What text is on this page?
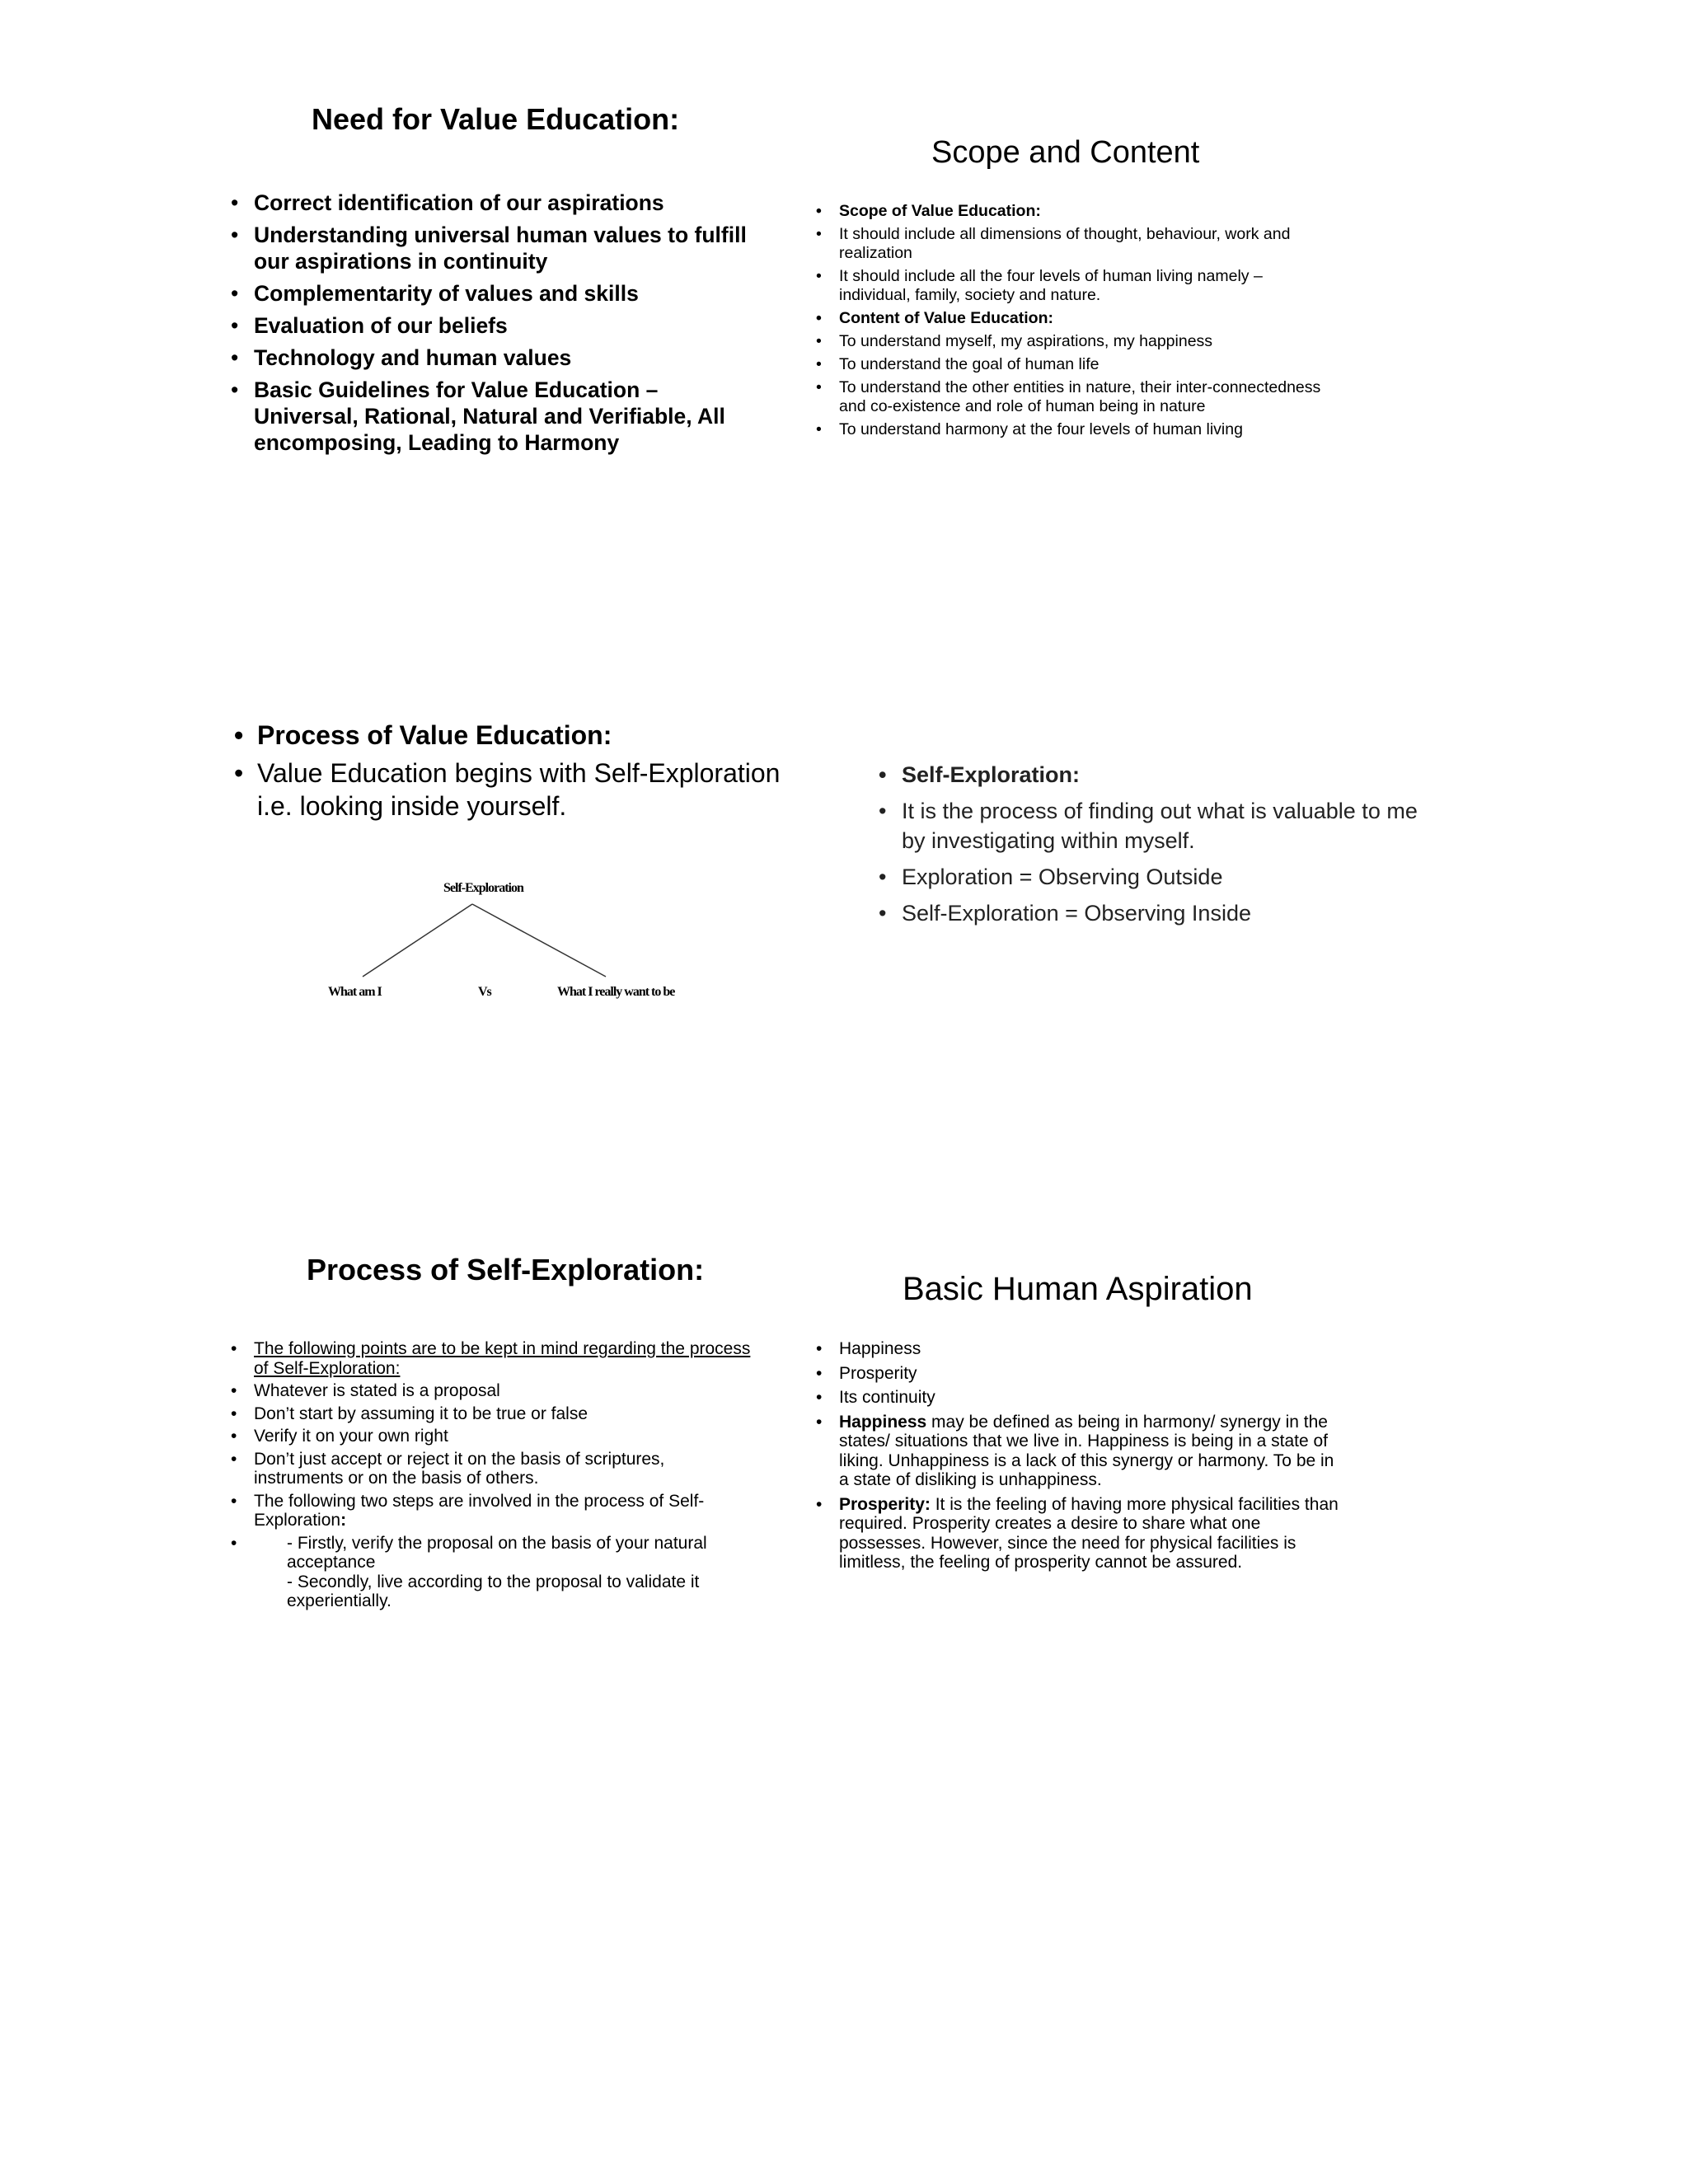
Need for Value Education:
• Correct identification of our aspirations
• Understanding universal human values to fulfill our aspirations in continuity
• Complementarity of values and skills
• Evaluation of our beliefs
• Technology and human values
• Basic Guidelines for Value Education – Universal, Rational, Natural and Verifiable, All encomposing, Leading to Harmony
Scope and Content
• Scope of Value Education:
• It should include all dimensions of thought, behaviour, work and realization
• It should include all the four levels of human living namely – individual, family, society and nature.
• Content of Value Education:
• To understand myself, my aspirations, my happiness
• To understand the goal of human life
• To understand the other entities in nature, their inter-connectedness and co-existence and role of human being in nature
• To understand harmony at the four levels of human living
• Process of Value Education:
• Value Education begins with Self-Exploration i.e. looking inside yourself.
Self-Exploration
What am I	Vs	What I really want to be
• Self-Exploration:
• It is the process of finding out what is valuable to me by investigating within myself.
• Exploration = Observing Outside
• Self-Exploration = Observing Inside
Process of Self-Exploration:
• The following points are to be kept in mind regarding the process of Self-Exploration:
• Whatever is stated is a proposal
• Don’t start by assuming it to be true or false
• Verify it on your own right
• Don’t just accept or reject it on the basis of scriptures, instruments or on the basis of others.
• The following two steps are involved in the process of Self-Exploration:
• - Firstly, verify the proposal on the basis of your natural acceptance
- Secondly, live according to the proposal to validate it experientially.
Basic Human Aspiration
• Happiness
• Prosperity
• Its continuity
• Happiness may be defined as being in harmony/ synergy in the states/ situations that we live in. Happiness is being in a state of liking. Unhappiness is a lack of this synergy or harmony. To be in a state of disliking is unhappiness.
• Prosperity: It is the feeling of having more physical facilities than required. Prosperity creates a desire to share what one possesses. However, since the need for physical facilities is limitless, the feeling of prosperity cannot be assured.
